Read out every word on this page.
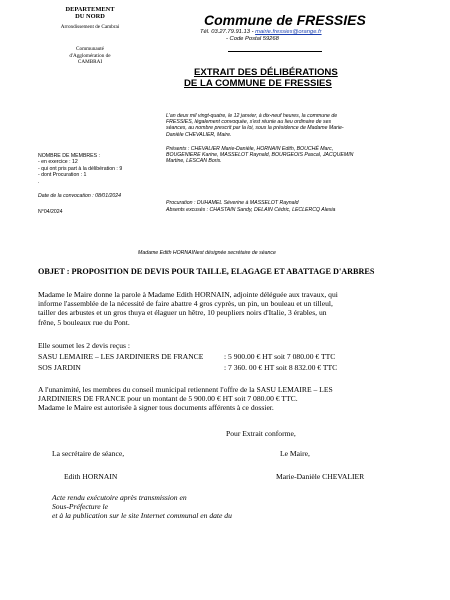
DEPARTEMENT
DU NORD
Arrondissement de Cambrai
Communauté
d'Agglomération de
CAMBRAI
Commune de FRESSIES
Tél. 03.27.79.91.13 - mairie.fressies@orange.fr
- Code Postal 59268
EXTRAIT DES DÉLIBÉRATIONS
DE LA COMMUNE DE FRESSIES
L'an deux mil vingt-quatre, le 12 janvier, à dix-neuf heures, la commune de
FRESSIES, légalement convoquée, s'est réunie au lieu ordinaire de ses
séances, au nombre prescrit par la loi, sous la présidence de Madame Marie-
Danièle CHEVALIER, Maire.
Présents : CHEVALIER Marie-Danièle, HORNAIN Edith, BOUCHÉ Marc,
BOUGENIERE Karine, MASSELOT Raynald, BOURGEOIS Pascal, JACQUEMIN
Martine, LESCAN Boris.
NOMBRE DE MEMBRES :
- en exercice : 12
- qui ont pris part à la délibération : 9
- dont Procuration : 1
.
Date de la convocation : 08/01/2024
N°04/2024
Procuration : DUHAMEL Séverine à MASSELOT Raynald
Absents excusés : CHASTAIN Sandy, DELAIN Cédric, LECLERCQ Alexia
Madame Edith HORNAINest désignée secrétaire de séance
OBJET : PROPOSITION DE DEVIS POUR TAILLE, ELAGAGE ET ABATTAGE D'ARBRES
Madame le Maire donne la parole à Madame Edith HORNAIN, adjointe déléguée aux travaux, qui
informe l'assemblée de la nécessité de faire abattre 4 gros cyprès, un pin, un bouleau et un tilleul,
tailler des arbustes et un gros thuya et élaguer un hêtre, 10 peupliers noirs d'Italie, 3 érables, un
frêne, 5 bouleaux rue du Pont.
Elle soumet les 2 devis reçus :
SASU LEMAIRE – LES JARDINIERS DE FRANCE	: 5 900.00 € HT soit 7 080.00 € TTC
SOS JARDIN	: 7 360. 00 € HT soit 8 832.00 € TTC
A l'unanimité, les membres du conseil municipal retiennent l'offre de la SASU LEMAIRE – LES
JARDINIERS DE FRANCE pour un montant de 5 900.00 € HT soit 7 080.00 € TTC.
Madame le Maire est autorisée à signer tous documents afférents à ce dossier.
Pour Extrait conforme,
La secrétaire de séance,	Le Maire,
Edith HORNAIN	Marie-Danièle CHEVALIER
Acte rendu exécutoire après transmission en
Sous-Préfecture le
et à la publication sur le site Internet communal en date du
